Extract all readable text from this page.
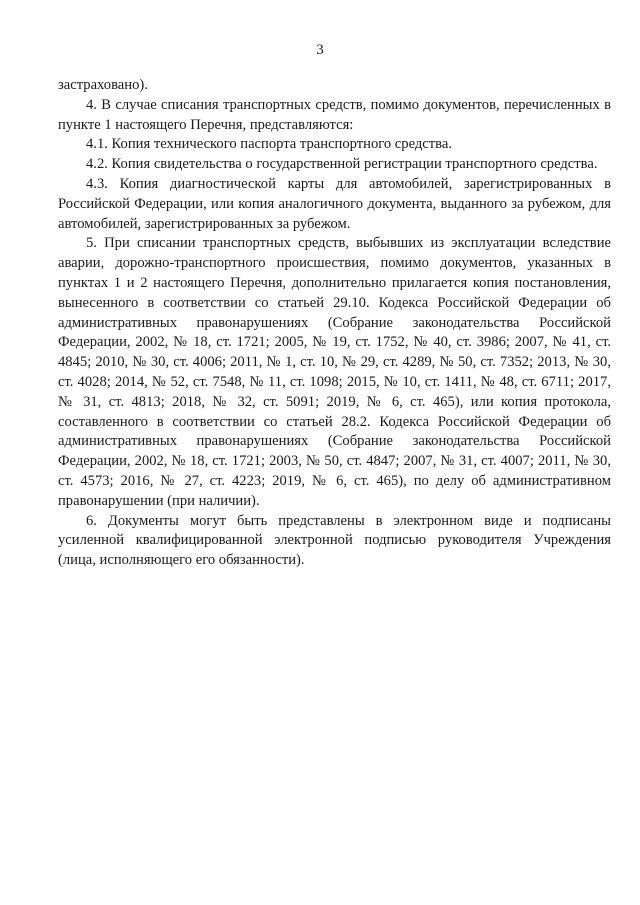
3

застраховано).

4. В случае списания транспортных средств, помимо документов, перечисленных в пункте 1 настоящего Перечня, представляются:

4.1. Копия технического паспорта транспортного средства.

4.2. Копия свидетельства о государственной регистрации транспортного средства.

4.3. Копия диагностической карты для автомобилей, зарегистрированных в Российской Федерации, или копия аналогичного документа, выданного за рубежом, для автомобилей, зарегистрированных за рубежом.

5. При списании транспортных средств, выбывших из эксплуатации вследствие аварии, дорожно-транспортного происшествия, помимо документов, указанных в пунктах 1 и 2 настоящего Перечня, дополнительно прилагается копия постановления, вынесенного в соответствии со статьей 29.10. Кодекса Российской Федерации об административных правонарушениях (Собрание законодательства Российской Федерации, 2002, № 18, ст. 1721; 2005, № 19, ст. 1752, № 40, ст. 3986; 2007, № 41, ст. 4845; 2010, № 30, ст. 4006; 2011, № 1, ст. 10, № 29, ст. 4289, № 50, ст. 7352; 2013, № 30, ст. 4028; 2014, № 52, ст. 7548, № 11, ст. 1098; 2015, № 10, ст. 1411, № 48, ст. 6711; 2017, № 31, ст. 4813; 2018, № 32, ст. 5091; 2019, № 6, ст. 465), или копия протокола, составленного в соответствии со статьей 28.2. Кодекса Российской Федерации об административных правонарушениях (Собрание законодательства Российской Федерации, 2002, № 18, ст. 1721; 2003, № 50, ст. 4847; 2007, № 31, ст. 4007; 2011, № 30, ст. 4573; 2016, № 27, ст. 4223; 2019, № 6, ст. 465), по делу об административном правонарушении (при наличии).

6. Документы могут быть представлены в электронном виде и подписаны усиленной квалифицированной электронной подписью руководителя Учреждения (лица, исполняющего его обязанности).
